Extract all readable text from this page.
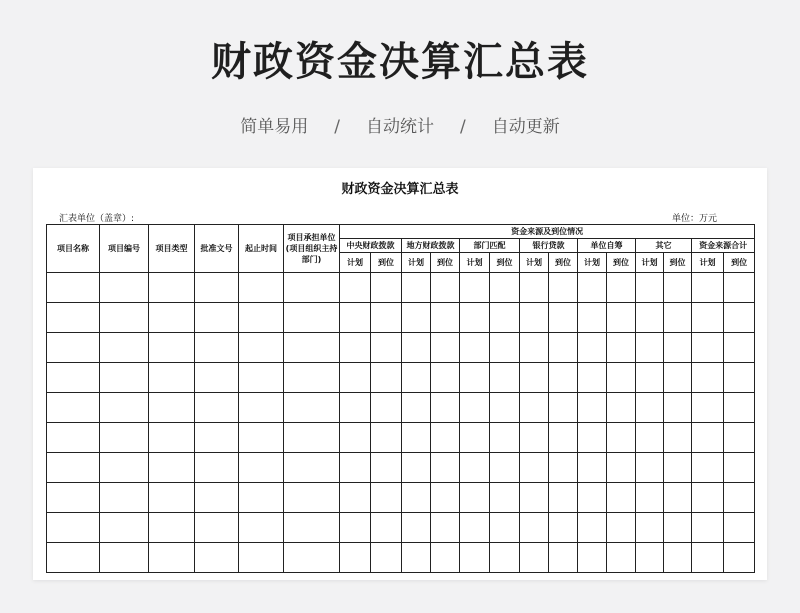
财政资金决算汇总表
简单易用 / 自动统计 / 自动更新
财政资金决算汇总表
汇表单位（盖章）:	单位：万元
项目名称	项目编号	项目类型	批准文号	起止时间	项目承担单位(项目组织主持部门)	资金来源及到位情况													
						中央财政拨款		地方财政拨款		部门匹配		银行贷款		单位自筹		其它		资金来源合计	
						计划	到位	计划	到位	计划	到位	计划	到位	计划	到位	计划	到位	计划	到位
